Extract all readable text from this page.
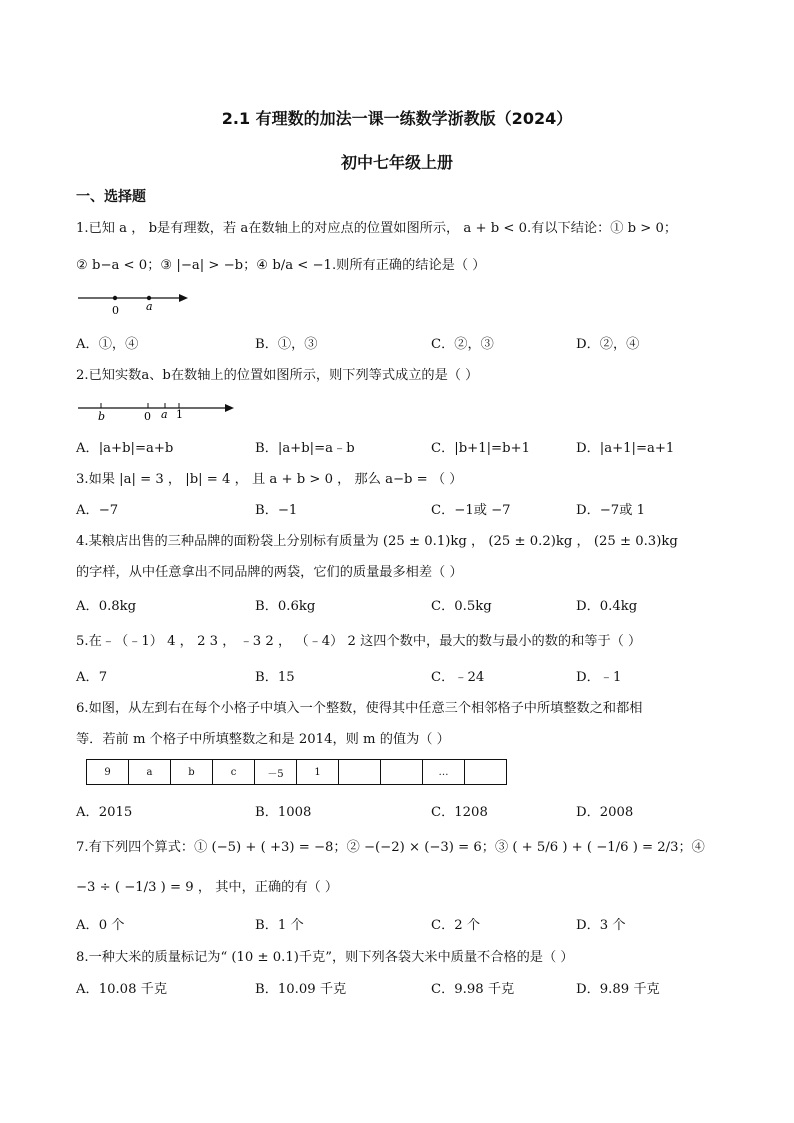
2.1 有理数的加法一课一练数学浙教版（2024）
初中七年级上册
一、选择题
1.已知 a ， b是有理数，若 a在数轴上的对应点的位置如图所示， a + b < 0.有以下结论：① b > 0；
② b−a < 0；③ |−a| > −b；④ b/a < −1.则所有正确的结论是（ ）
0 a
A．①，④	B．①，③	C．②，③	D．②，④
2.已知实数a、b在数轴上的位置如图所示，则下列等式成立的是（ ）
b	0 a 1
A．|a+b|=a+b	B．|a+b|=a﹣b	C．|b+1|=b+1	D．|a+1|=a+1
3.如果 |a| = 3 ， |b| = 4 ， 且 a + b > 0 ， 那么 a−b = （ ）
A．−7	B．−1	C．−1或 −7	D．−7或 1
4.某粮店出售的三种品牌的面粉袋上分别标有质量为 (25 ± 0.1)kg ， (25 ± 0.2)kg ， (25 ± 0.3)kg
的字样，从中任意拿出不同品牌的两袋，它们的质量最多相差（ ）
A．0.8kg	B．0.6kg	C．0.5kg	D．0.4kg
5.在﹣（﹣1） 4 ， 2 3 ， ﹣3 2 ， （﹣4） 2 这四个数中，最大的数与最小的数的和等于（ ）
A．7	B．15	C．﹣24	D．﹣1
6.如图，从左到右在每个小格子中填入一个整数，使得其中任意三个相邻格子中所填整数之和都相
等．若前 m 个格子中所填整数之和是 2014，则 m 的值为（ ）
9	a	b	c	－5	1			…	
A．2015	B．1008	C．1208	D．2008
7.有下列四个算式：① (−5) + ( +3) = −8；② −(−2) × (−3) = 6；③ ( + 5/6 ) + ( −1/6 ) = 2/3；④
−3 ÷ ( −1/3 ) = 9 ， 其中，正确的有（ ）
A．0 个	B．1 个	C．2 个	D．3 个
8.一种大米的质量标记为“ (10 ± 0.1)千克”，则下列各袋大米中质量不合格的是（ ）
A．10.08 千克	B．10.09 千克	C．9.98 千克	D．9.89 千克
